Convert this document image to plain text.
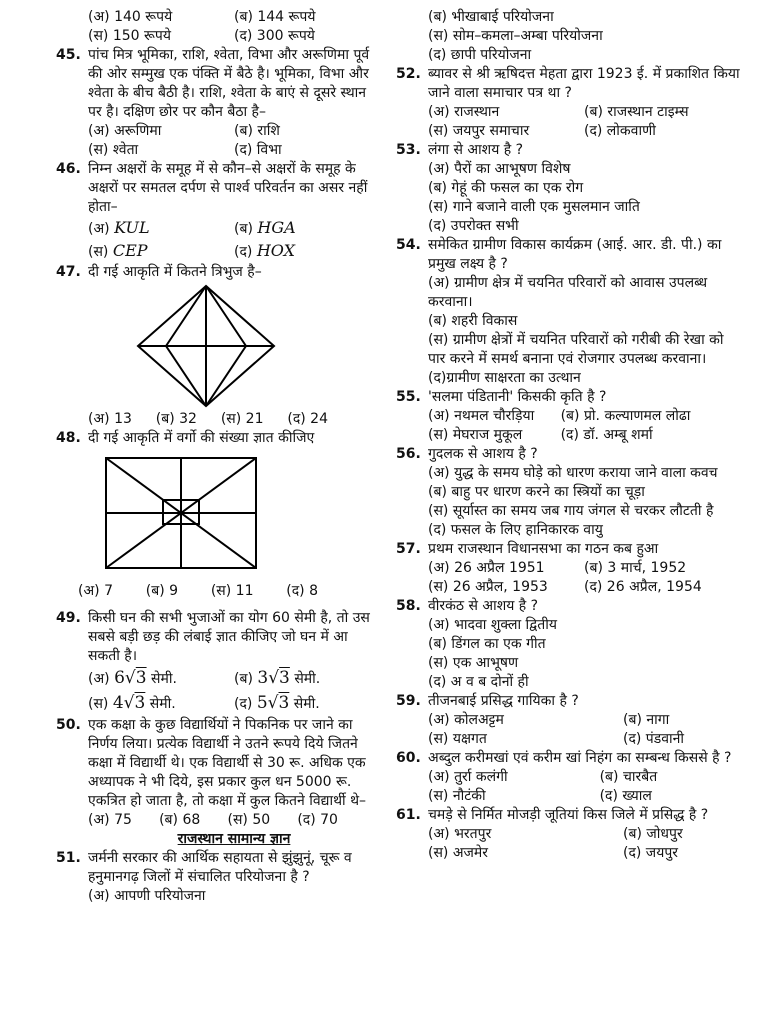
(अ) 140 रूपये	(ब) 144 रूपये
(स) 150 रूपये	(द) 300 रूपये
45. पांच मित्र भूमिका, राशि, श्वेता, विभा और अरूणिमा पूर्व की ओर सम्मुख एक पंक्ति में बैठे है। भूमिका, विभा और श्वेता के बीच बैठी है। राशि, श्वेता के बाएं से दूसरे स्थान पर है। दक्षिण छोर पर कौन बैठा है–
(अ) अरूणिमा	(ब) राशि
(स) श्वेता	(द) विभा
46. निम्न अक्षरों के समूह में से कौन–से अक्षरों के समूह के अक्षरों पर समतल दर्पण से पार्श्व परिवर्तन का असर नहीं होता–
(अ) KUL	(ब) HGA
(स) CEP	(द) HOX
47. दी गई आकृति में कितने त्रिभुज है–
(अ) 13 (ब) 32 (स) 21 (द) 24
48. दी गई आकृति में वर्गो की संख्या ज्ञात कीजिए
(अ) 7 (ब) 9 (स) 11 (द) 8
49. किसी घन की सभी भुजाओं का योग 60 सेमी है, तो उस सबसे बड़ी छड़ की लंबाई ज्ञात कीजिए जो घन में आ सकती है।
(अ) 6√3 सेमी.	(ब) 3√3 सेमी.
(स) 4√3 सेमी.	(द) 5√3 सेमी.
50. एक कक्षा के कुछ विद्यार्थियों ने पिकनिक पर जाने का निर्णय लिया। प्रत्येक विद्यार्थी ने उतने रूपये दिये जितने कक्षा में विद्यार्थी थे। एक विद्यार्थी से 30 रू. अधिक एक अध्यापक ने भी दिये, इस प्रकार कुल धन 5000 रू. एकत्रित हो जाता है, तो कक्षा में कुल कितने विद्यार्थी थे–
(अ) 75 (ब) 68 (स) 50 (द) 70
राजस्थान सामान्य ज्ञान
51. जर्मनी सरकार की आर्थिक सहायता से झुंझुनूं, चूरू व हनुमानगढ़ जिलों में संचालित परियोजना है ?
(अ) आपणी परियोजना
(ब) भीखाबाई परियोजना
(स) सोम–कमला–अम्बा परियोजना
(द) छापी परियोजना
52. ब्यावर से श्री ऋषिदत्त मेहता द्वारा 1923 ई. में प्रकाशित किया जाने वाला समाचार पत्र था ?
(अ) राजस्थान	(ब) राजस्थान टाइम्स
(स) जयपुर समाचार	(द) लोकवाणी
53. लंगा से आशय है ?
(अ) पैरों का आभूषण विशेष
(ब) गेहूं की फसल का एक रोग
(स) गाने बजाने वाली एक मुसलमान जाति
(द) उपरोक्त सभी
54. समेकित ग्रामीण विकास कार्यक्रम (आई. आर. डी. पी.) का प्रमुख लक्ष्य है ?
(अ) ग्रामीण क्षेत्र में चयनित परिवारों को आवास उपलब्ध करवाना।
(ब) शहरी विकास
(स) ग्रामीण क्षेत्रों में चयनित परिवारों को गरीबी की रेखा को पार करने में समर्थ बनाना एवं रोजगार उपलब्ध करवाना।
(द)ग्रामीण साक्षरता का उत्थान
55. 'सलमा पंडितानी' किसकी कृति है ?
(अ) नथमल चौरड़िया	(ब) प्रो. कल्याणमल लोढा
(स) मेघराज मुकूल	(द) डॉ. अम्बू शर्मा
56. गुदलक से आशय है ?
(अ) युद्ध के समय घोड़े को धारण कराया जाने वाला कवच
(ब) बाहु पर धारण करने का स्त्रियों का चूड़ा
(स) सूर्यास्त का समय जब गाय जंगल से चरकर लौटती है
(द) फसल के लिए हानिकारक वायु
57. प्रथम राजस्थान विधानसभा का गठन कब हुआ
(अ) 26 अप्रैल 1951	(ब) 3 मार्च, 1952
(स) 26 अप्रैल, 1953	(द) 26 अप्रैल, 1954
58. वीरकंठ से आशय है ?
(अ) भादवा शुक्ला द्वितीय
(ब) डिंगल का एक गीत
(स) एक आभूषण
(द) अ व ब दोनों ही
59. तीजनबाई प्रसिद्ध गायिका है ?
(अ) कोलअट्टम	(ब) नागा
(स) यक्षगत	(द) पंडवानी
60. अब्दुल करीमखां एवं करीम खां निहंग का सम्बन्ध किससे है ?
(अ) तुर्रा कलंगी	(ब) चारबैत
(स) नौटंकी	(द) ख्याल
61. चमड़े से निर्मित मोजड़ी जूतियां किस जिले में प्रसिद्ध है ?
(अ) भरतपुर	(ब) जोधपुर
(स) अजमेर	(द) जयपुर
